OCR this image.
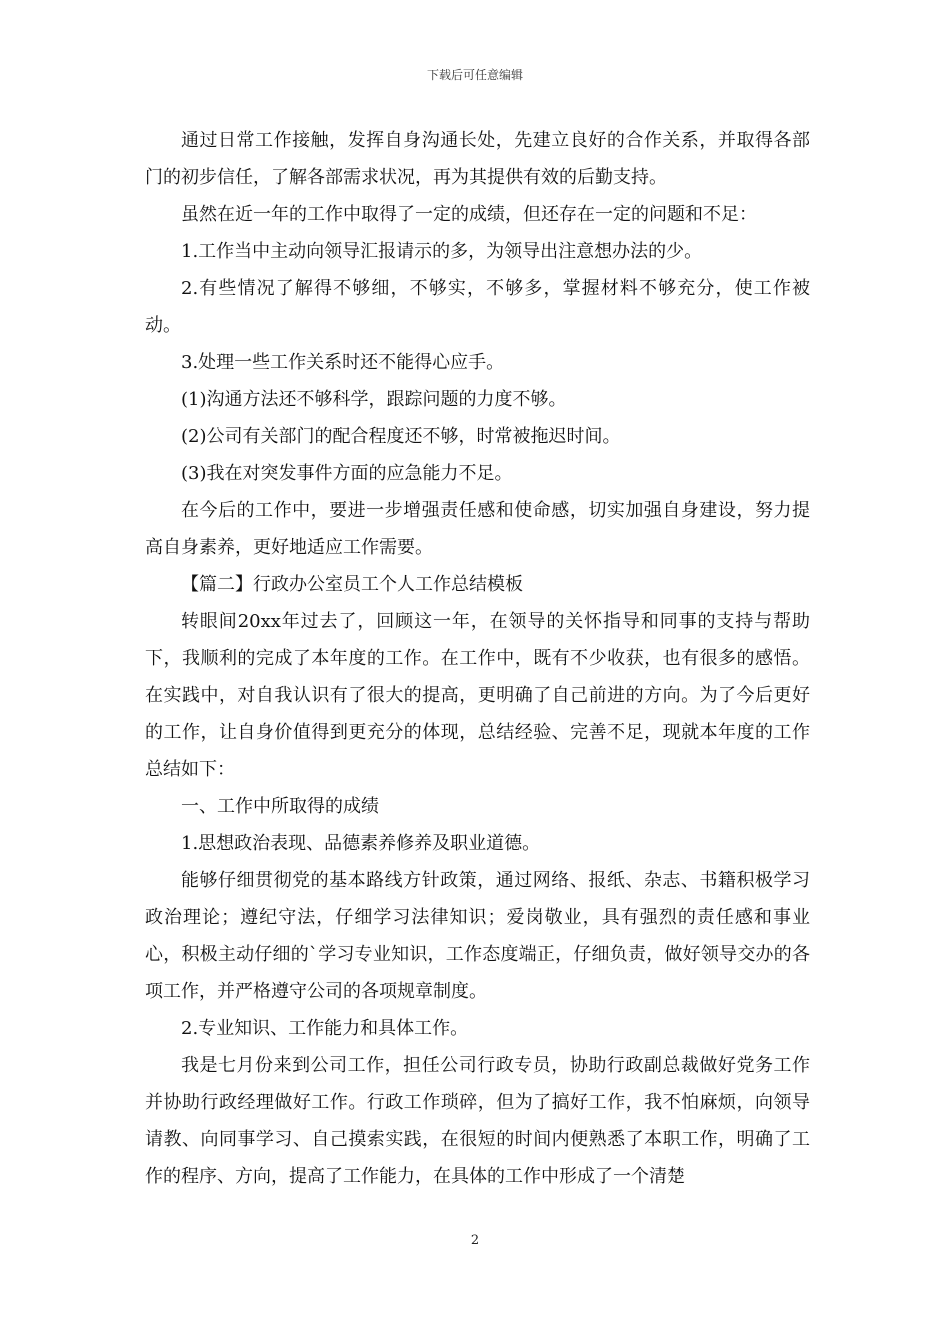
下载后可任意编辑

通过日常工作接触，发挥自身沟通长处，先建立良好的合作关系，并取得各部门的初步信任，了解各部需求状况，再为其提供有效的后勤支持。

虽然在近一年的工作中取得了一定的成绩，但还存在一定的问题和不足：

1.工作当中主动向领导汇报请示的多，为领导出注意想办法的少。

2.有些情况了解得不够细，不够实，不够多，掌握材料不够充分，使工作被动。

3.处理一些工作关系时还不能得心应手。

(1)沟通方法还不够科学，跟踪问题的力度不够。

(2)公司有关部门的配合程度还不够，时常被拖迟时间。

(3)我在对突发事件方面的应急能力不足。

在今后的工作中，要进一步增强责任感和使命感，切实加强自身建设，努力提高自身素养，更好地适应工作需要。

【篇二】行政办公室员工个人工作总结模板

转眼间20xx年过去了，回顾这一年，在领导的关怀指导和同事的支持与帮助下，我顺利的完成了本年度的工作。在工作中，既有不少收获，也有很多的感悟。在实践中，对自我认识有了很大的提高，更明确了自己前进的方向。为了今后更好的工作，让自身价值得到更充分的体现，总结经验、完善不足，现就本年度的工作总结如下：

一、工作中所取得的成绩

1.思想政治表现、品德素养修养及职业道德。

能够仔细贯彻党的基本路线方针政策，通过网络、报纸、杂志、书籍积极学习政治理论；遵纪守法，仔细学习法律知识；爱岗敬业，具有强烈的责任感和事业心，积极主动仔细的`学习专业知识，工作态度端正，仔细负责，做好领导交办的各项工作，并严格遵守公司的各项规章制度。

2.专业知识、工作能力和具体工作。

我是七月份来到公司工作，担任公司行政专员，协助行政副总裁做好党务工作并协助行政经理做好工作。行政工作琐碎，但为了搞好工作，我不怕麻烦，向领导请教、向同事学习、自己摸索实践，在很短的时间内便熟悉了本职工作，明确了工作的程序、方向，提高了工作能力，在具体的工作中形成了一个清楚

2
